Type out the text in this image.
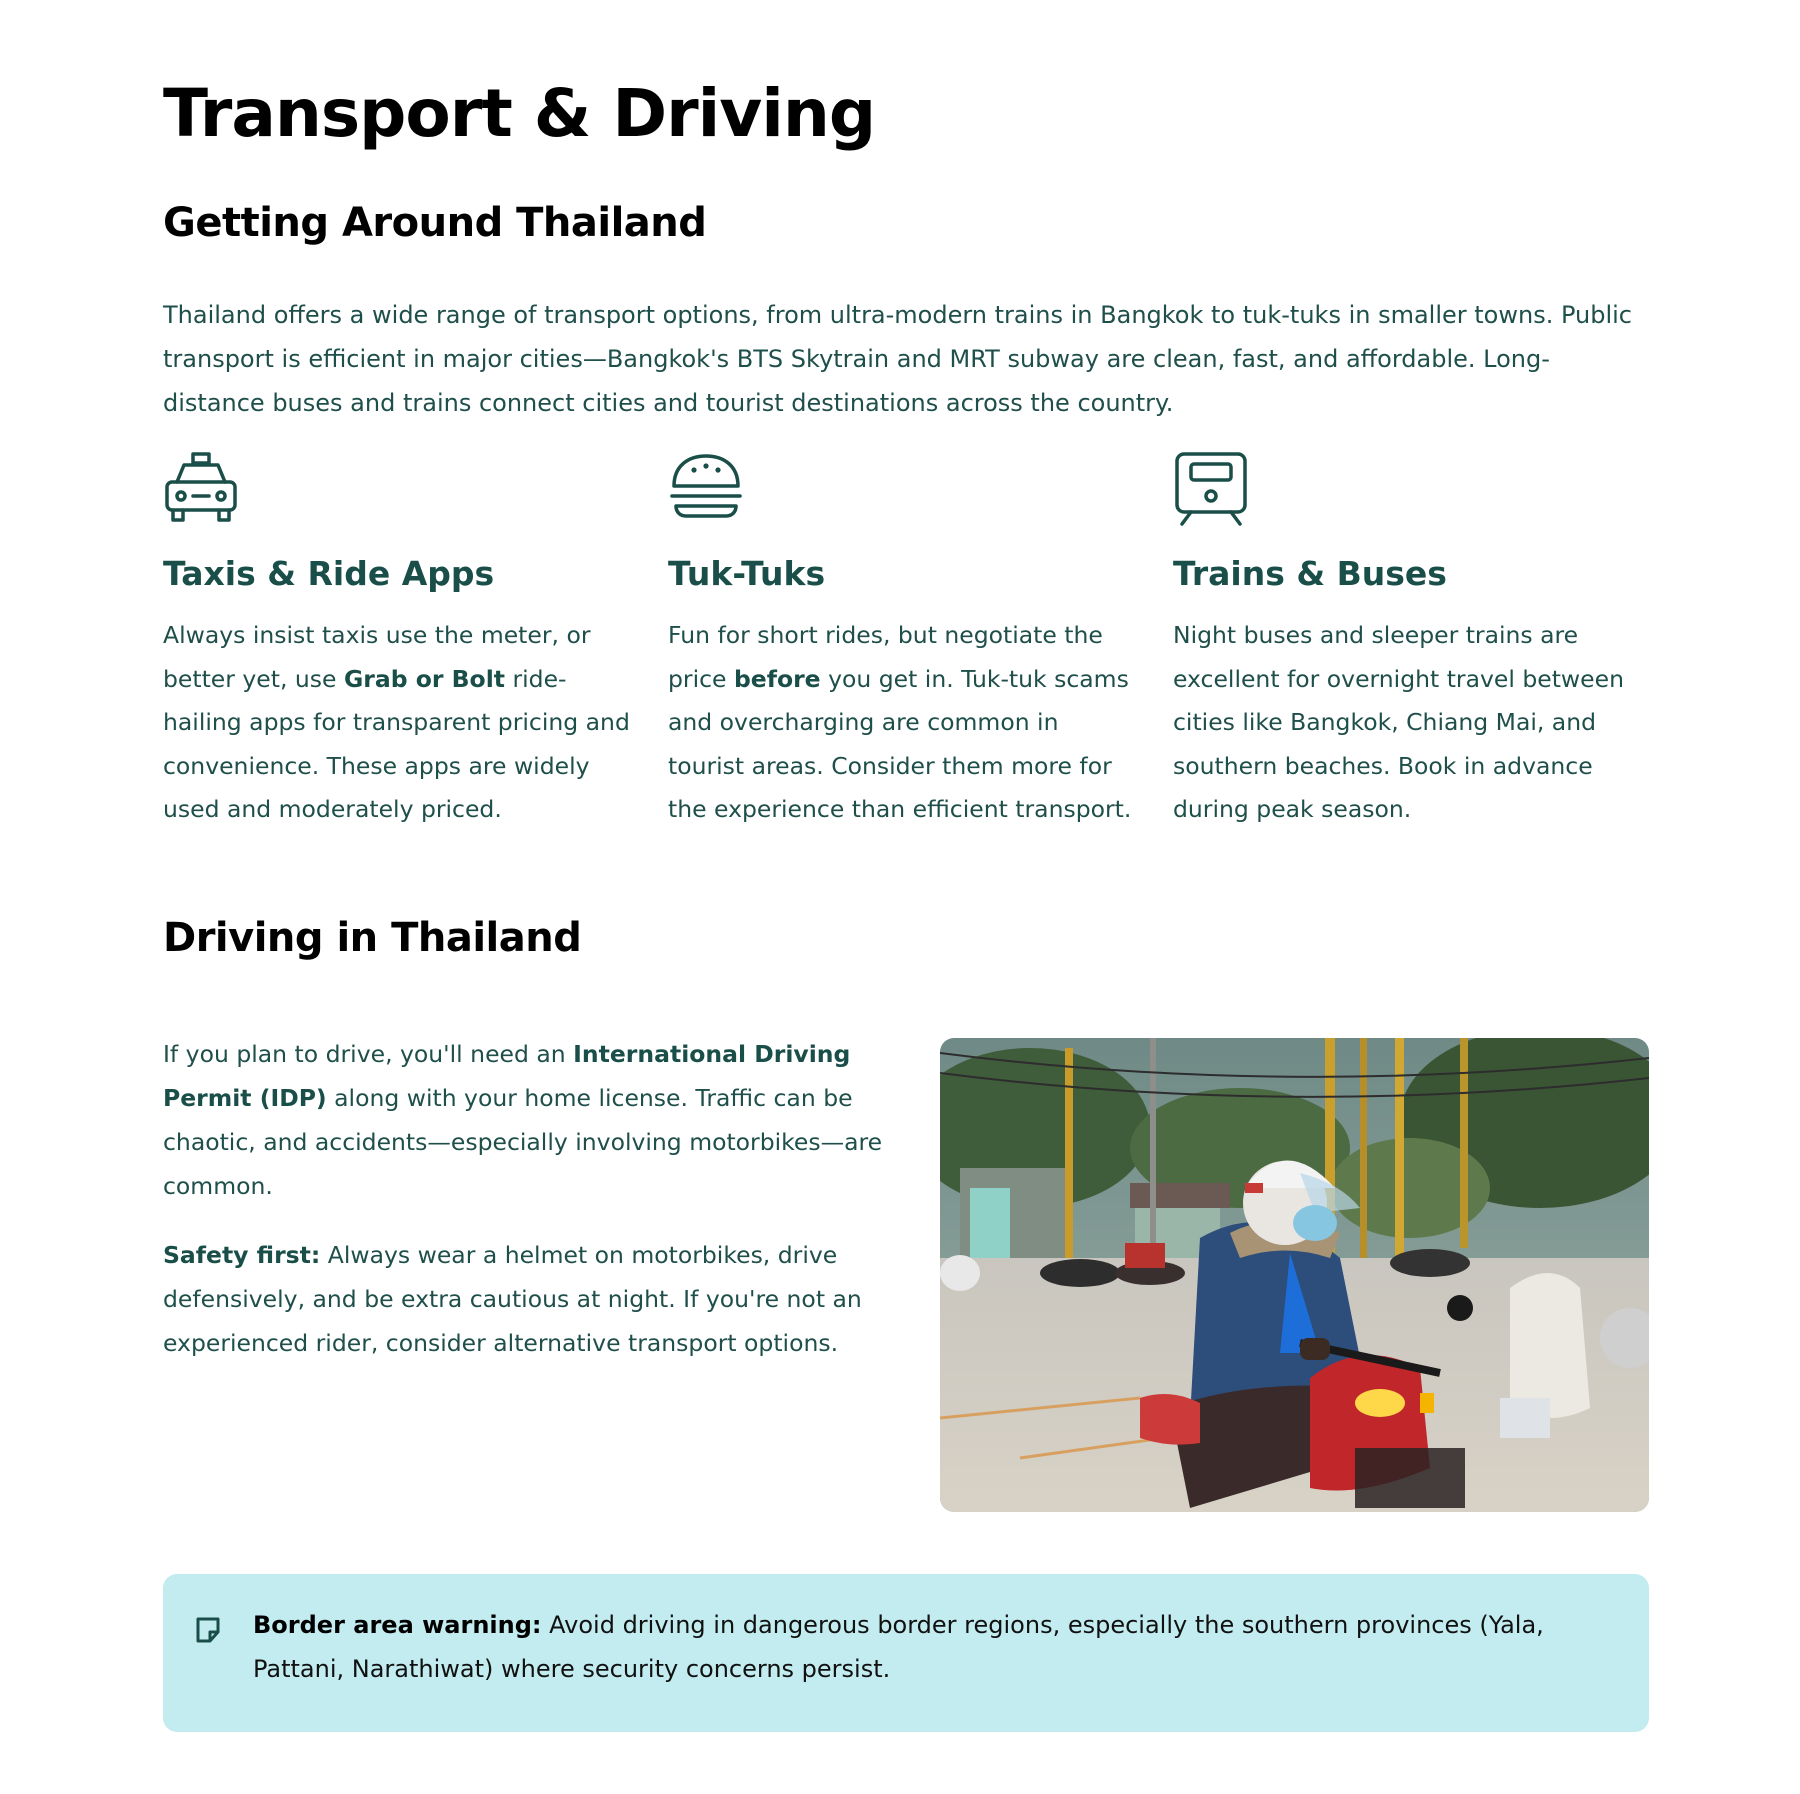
Transport & Driving
Getting Around Thailand

Thailand offers a wide range of transport options, from ultra-modern trains in Bangkok to tuk-tuks in smaller towns. Public transport is efficient in major cities—Bangkok's BTS Skytrain and MRT subway are clean, fast, and affordable. Long-distance buses and trains connect cities and tourist destinations across the country.

Taxis & Ride Apps

Always insist taxis use the meter, or better yet, use Grab or Bolt ride-hailing apps for transparent pricing and convenience. These apps are widely used and moderately priced.

Tuk-Tuks

Fun for short rides, but negotiate the price before you get in. Tuk-tuk scams and overcharging are common in tourist areas. Consider them more for the experience than efficient transport.

Trains & Buses

Night buses and sleeper trains are excellent for overnight travel between cities like Bangkok, Chiang Mai, and southern beaches. Book in advance during peak season.

Driving in Thailand

If you plan to drive, you'll need an International Driving Permit (IDP) along with your home license. Traffic can be chaotic, and accidents—especially involving motorbikes—are common.

Safety first: Always wear a helmet on motorbikes, drive defensively, and be extra cautious at night. If you're not an experienced rider, consider alternative transport options.

Border area warning: Avoid driving in dangerous border regions, especially the southern provinces (Yala, Pattani, Narathiwat) where security concerns persist.
